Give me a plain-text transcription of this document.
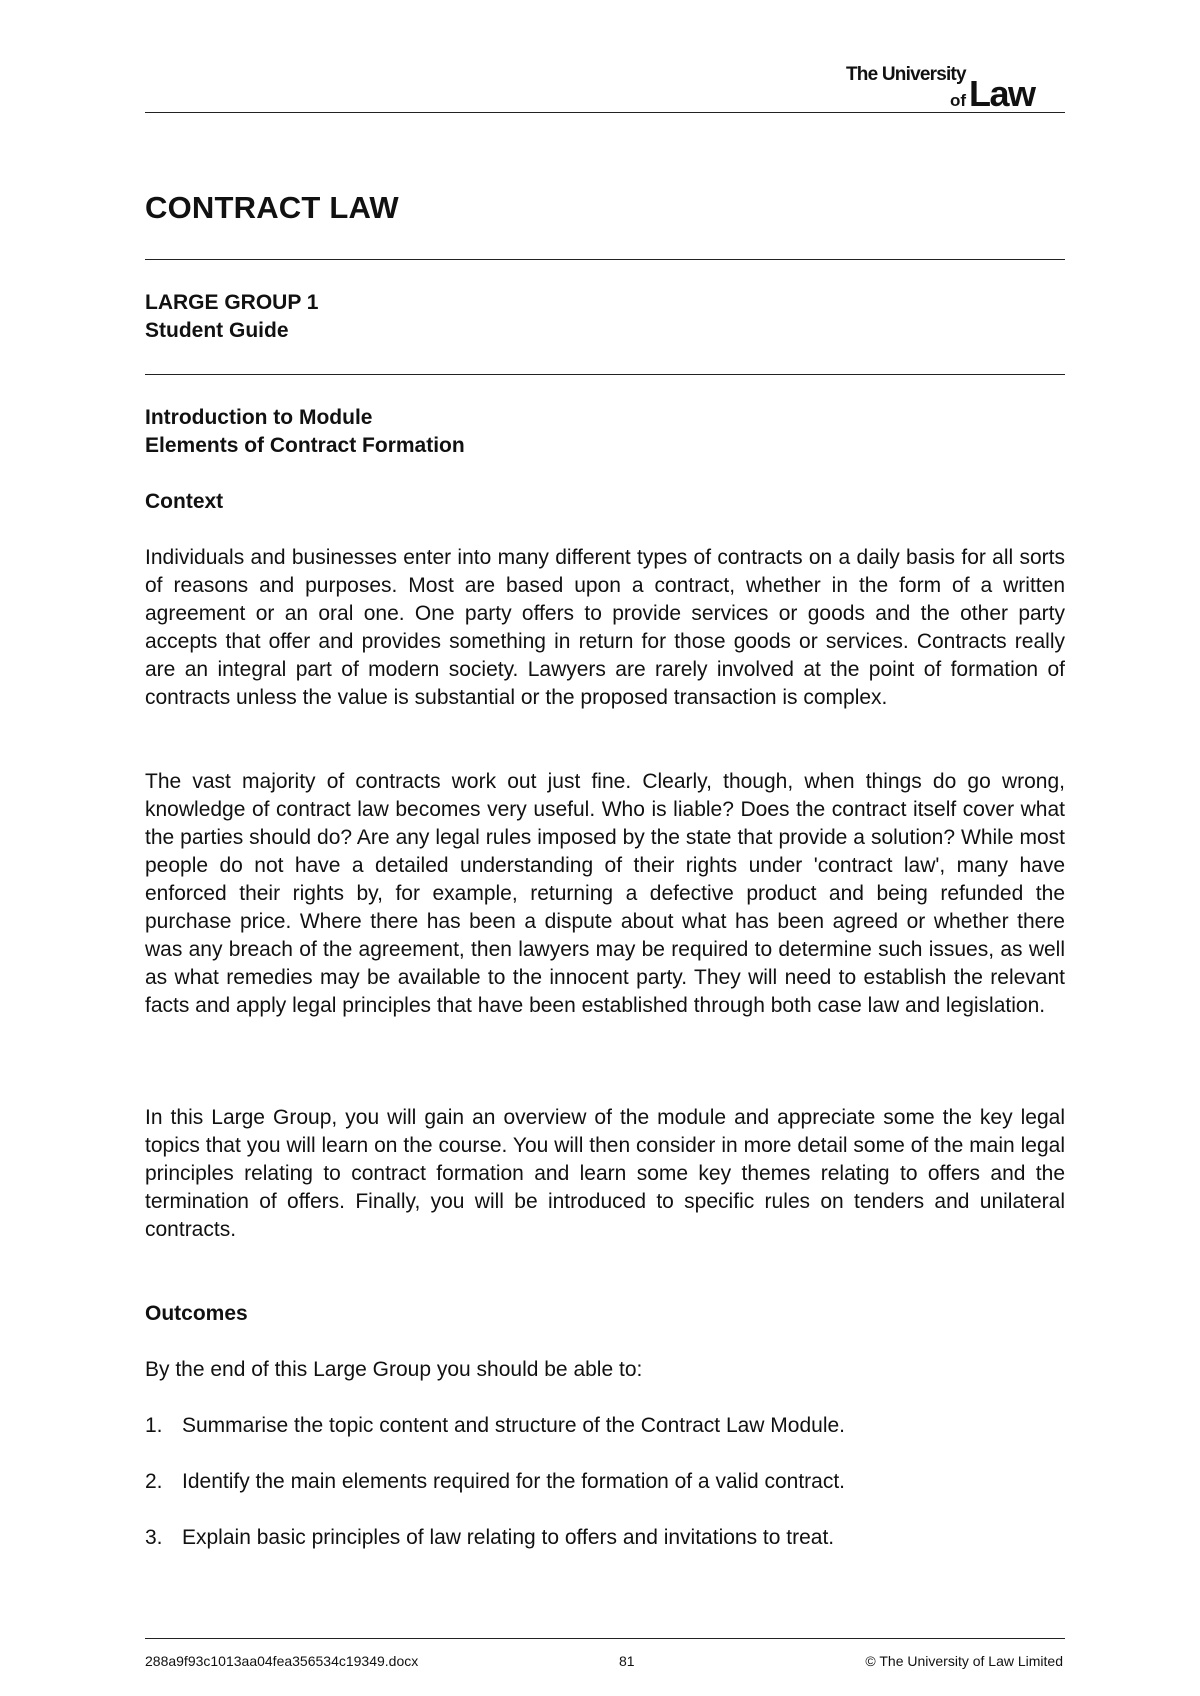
The University
of Law
CONTRACT LAW
LARGE GROUP 1
Student Guide
Introduction to Module
Elements of Contract Formation
Context

Individuals and businesses enter into many different types of contracts on a daily basis for all sorts of reasons and purposes. Most are based upon a contract, whether in the form of a written agreement or an oral one. One party offers to provide services or goods and the other party accepts that offer and provides something in return for those goods or services. Contracts really are an integral part of modern society. Lawyers are rarely involved at the point of formation of contracts unless the value is substantial or the proposed transaction is complex.

The vast majority of contracts work out just fine. Clearly, though, when things do go wrong, knowledge of contract law becomes very useful. Who is liable? Does the contract itself cover what the parties should do? Are any legal rules imposed by the state that provide a solution? While most people do not have a detailed understanding of their rights under 'contract law', many have enforced their rights by, for example, returning a defective product and being refunded the purchase price. Where there has been a dispute about what has been agreed or whether there was any breach of the agreement, then lawyers may be required to determine such issues, as well as what remedies may be available to the innocent party. They will need to establish the relevant facts and apply legal principles that have been established through both case law and legislation.

In this Large Group, you will gain an overview of the module and appreciate some the key legal topics that you will learn on the course. You will then consider in more detail some of the main legal principles relating to contract formation and learn some key themes relating to offers and the termination of offers. Finally, you will be introduced to specific rules on tenders and unilateral contracts.

Outcomes
By the end of this Large Group you should be able to:
1. Summarise the topic content and structure of the Contract Law Module.
2. Identify the main elements required for the formation of a valid contract.
3. Explain basic principles of law relating to offers and invitations to treat.
288a9f93c1013aa04fea356534c19349.docx	81	© The University of Law Limited
